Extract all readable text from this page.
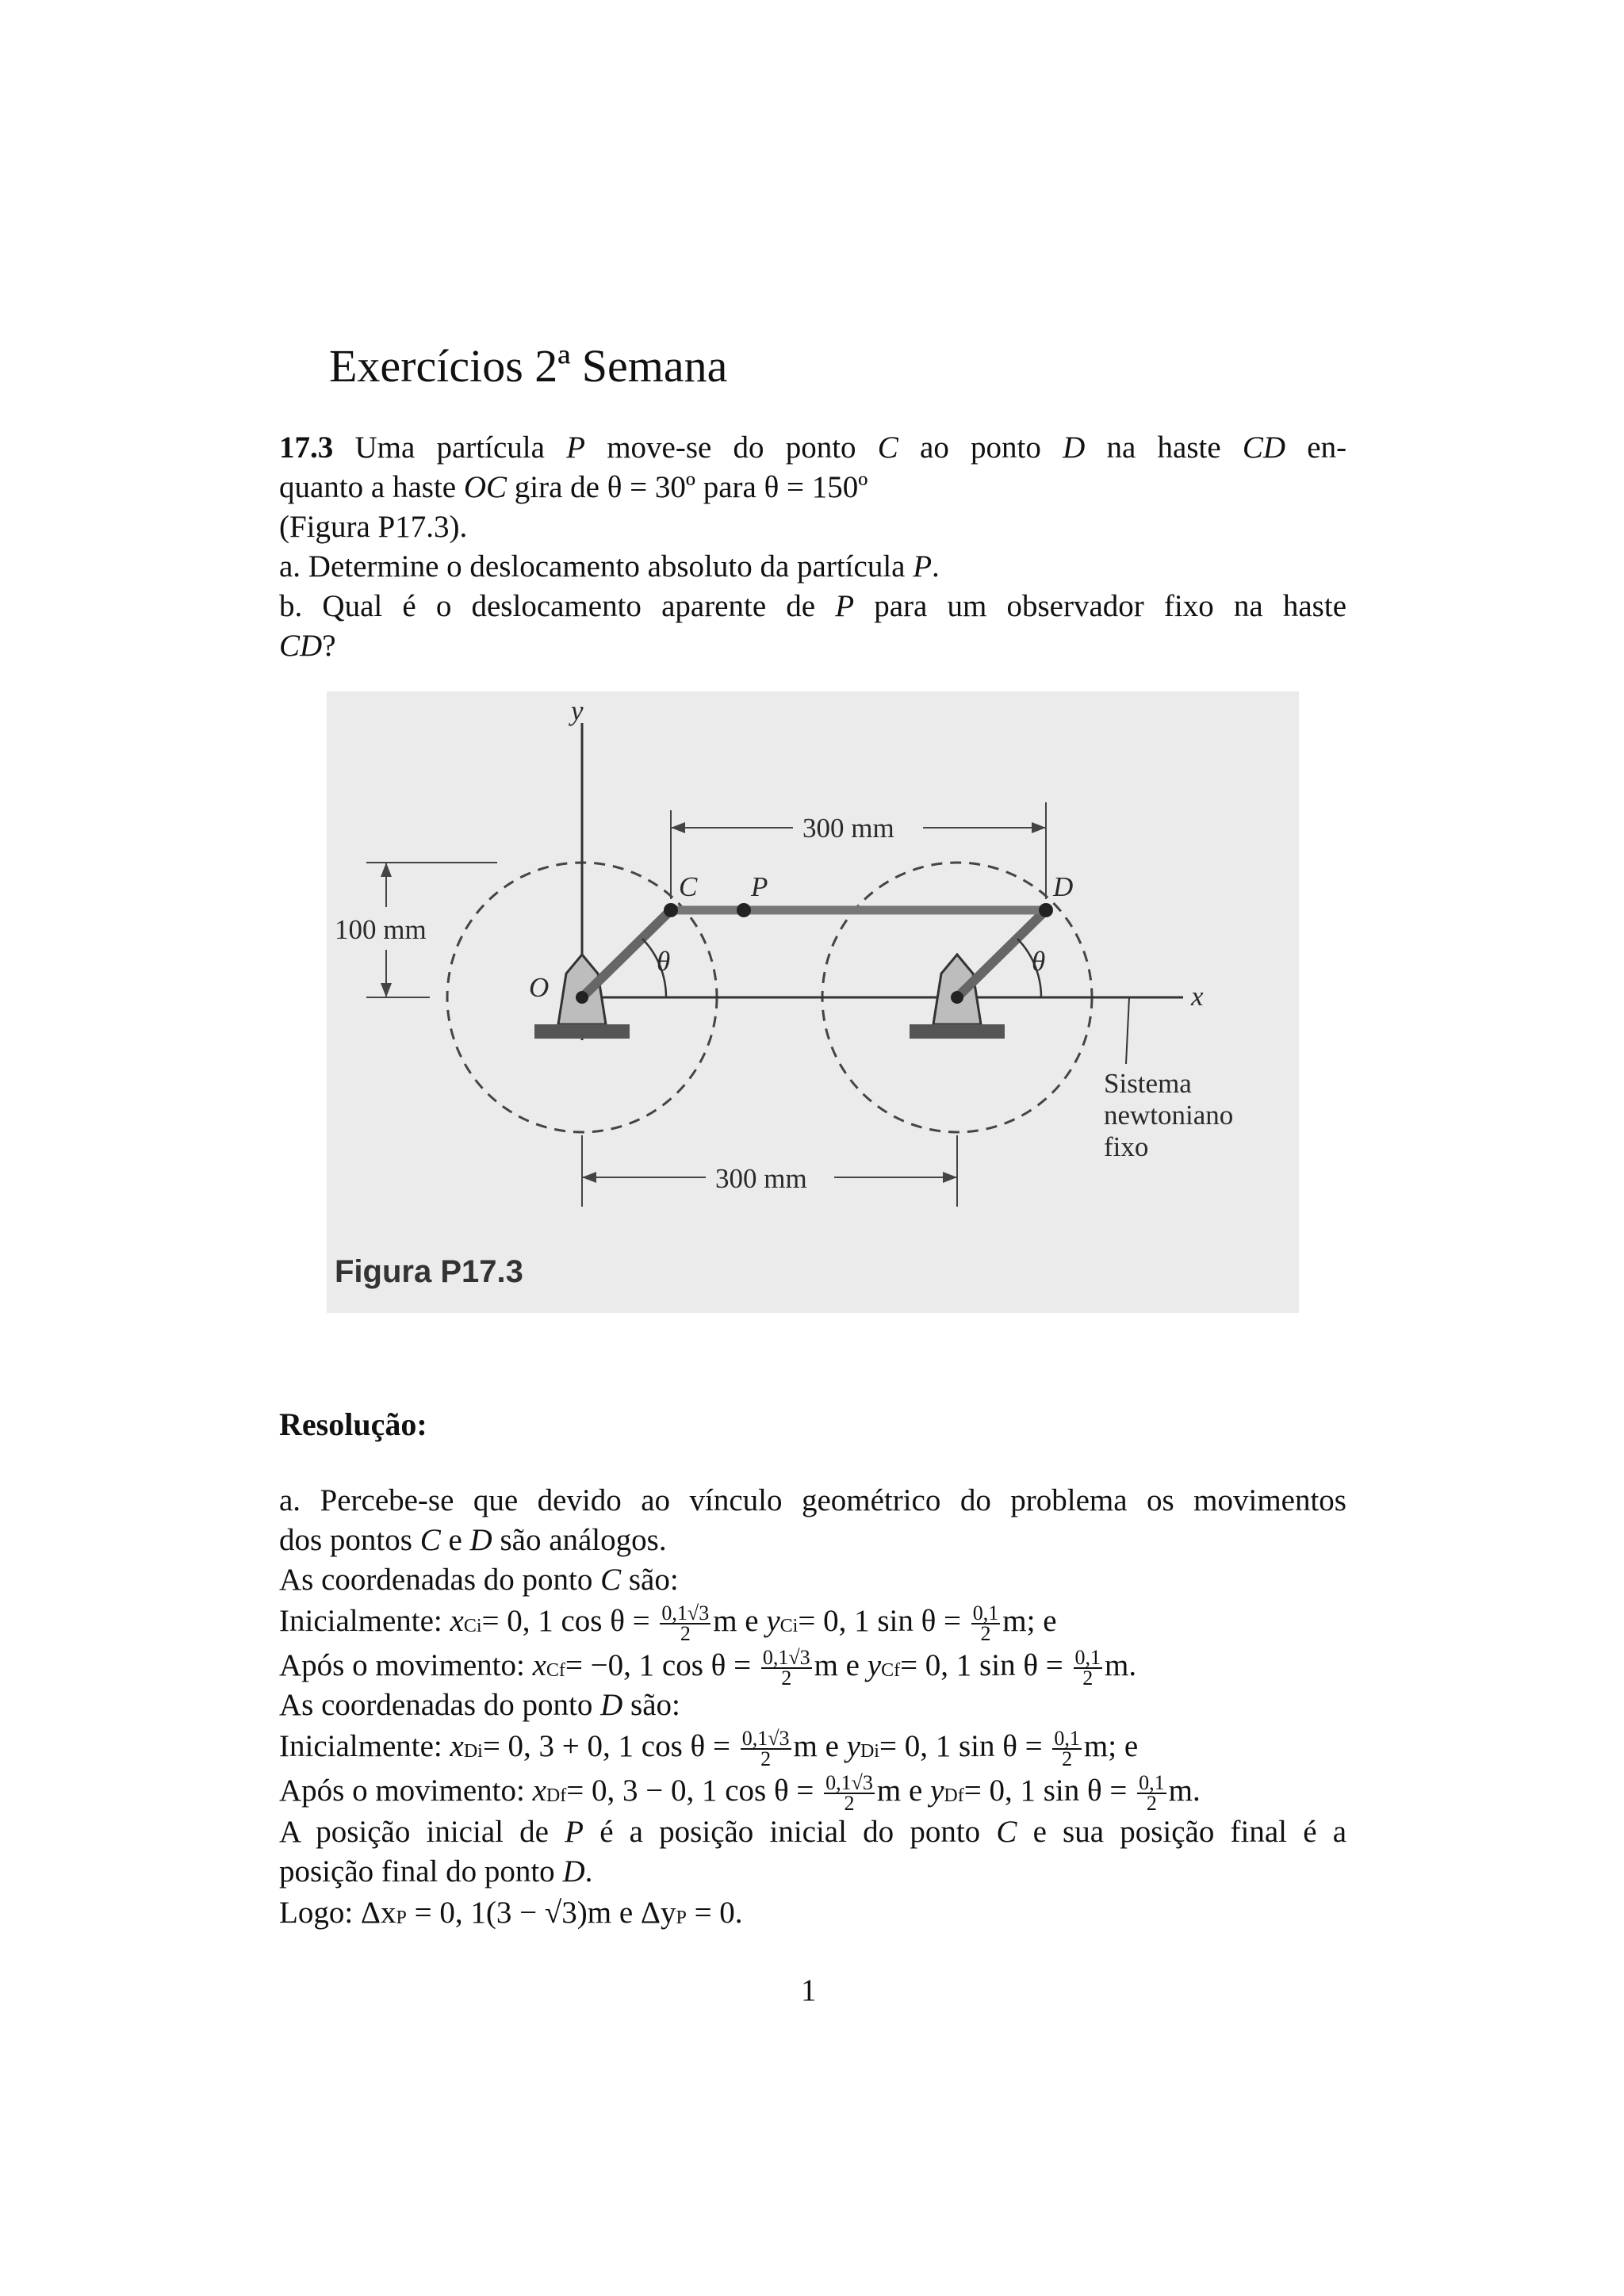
Exercícios 2ª Semana
17.3 Uma partícula P move-se do ponto C ao ponto D na haste CD en-
quanto a haste OC gira de θ = 30º para θ = 150º
(Figura P17.3).
a. Determine o deslocamento absoluto da partícula P.
b. Qual é o deslocamento aparente de P para um observador fixo na haste
CD?
300 mm
300 mm
100 mm
x
y
O
C P	D
θ	θ
Sistema
newtoniano
fixo
Figura P17.3
Resolução:
a. Percebe-se que devido ao vínculo geométrico do problema os movimentos
dos pontos C e D são análogos.
As coordenadas do ponto C são:
Inicialmente: xCi= 0, 1 $\cos \theta = \frac{0,1√3}{2}$ m e yCi= 0, 1 $\sin \theta = \frac{0,1}{2} m$; e
Após o movimento: xCf= −0, 1 $\cos \theta = \frac{0,1√3}{2}$ m e yCf= 0, 1 $\sin \theta = \frac{0,1}{2} m$.
As coordenadas do ponto D são:
Inicialmente: xDi= 0, 3 + 0, 1 $\cos \theta = \frac{0,1√3}{2}$ m e yDi= 0, 1 $\sin \theta = \frac{0,1}{2} m$; e
Após o movimento: xDf= 0, 3 − 0, 1 $\cos \theta = \frac{0,1√3}{2}$ m e yDf= 0, 1 $\sin \theta = \frac{0,1}{2} m$.
A posição inicial de P é a posição inicial do ponto C e sua posição final é a
posição final do ponto D.
Logo: ΔxP = 0, 1(3 − √3)m e ΔyP = 0.
1
